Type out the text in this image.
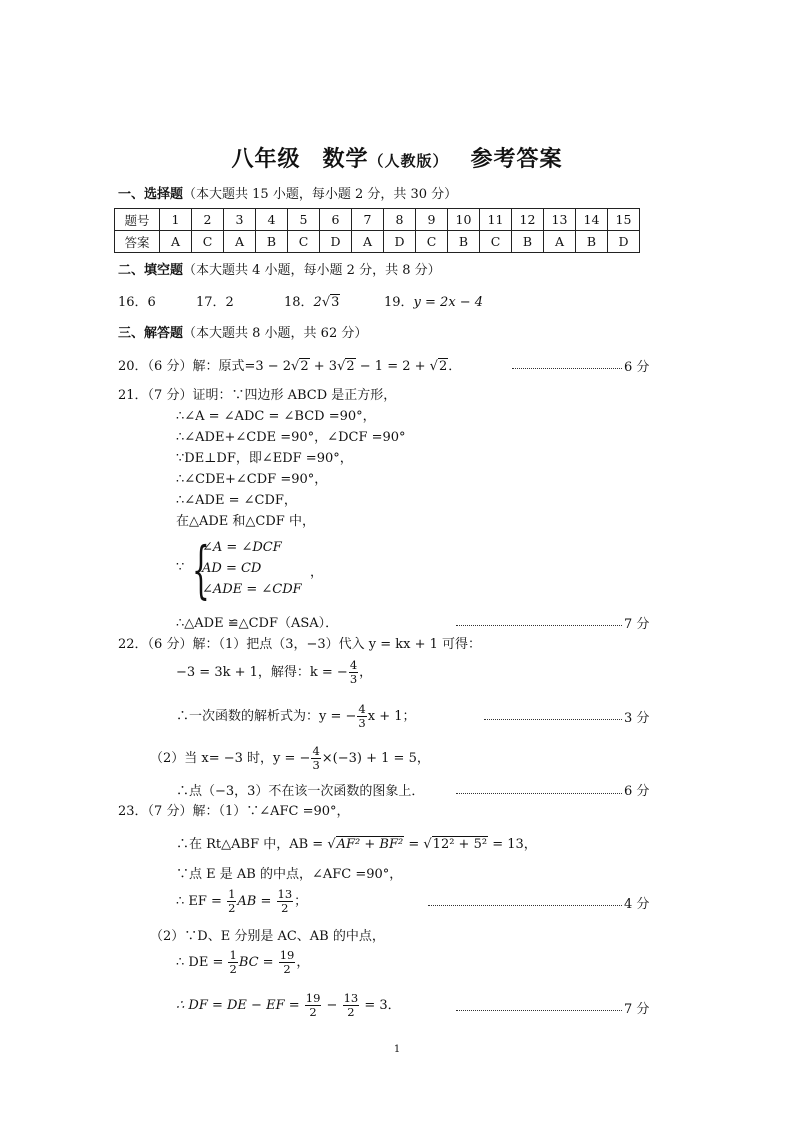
八年级 数学（人教版） 参考答案
一、选择题（本大题共 15 小题，每小题 2 分，共 30 分）
题号	1	2	3	4	5	6	7	8	9	10	11	12	13	14	15
答案	A	C	A	B	C	D	A	D	C	B	C	B	A	B	D
二、填空题（本大题共 4 小题，每小题 2 分，共 8 分）
16．6	17．2	18．2√3	19．y = 2x − 4
三、解答题（本大题共 8 小题，共 62 分）
20．（6 分）解：原式=3 − 2√2 + 3√2 − 1 = 2 + √2．	6 分
21．（7 分）证明：∵四边形 ABCD 是正方形，
∴∠A = ∠ADC = ∠BCD =90°，
∴∠ADE+∠CDE =90°，∠DCF =90°
∵DE⊥DF，即∠EDF =90°，
∴∠CDE+∠CDF =90°，
∴∠ADE = ∠CDF，
在△ADE 和△CDF 中，
∵ {
∠A = ∠DCF
AD = CD
∠ADE = ∠CDF
，
∴△ADE ≌△CDF（ASA）．	7 分
22．（6 分）解：（1）把点（3，−3）代入 y = kx + 1 可得：
−3 = 3k + 1，解得：k = − $\frac{4}{3}$ ，
∴一次函数的解析式为：y = − $\frac{4}{3}$ x + 1；	3 分
（2）当 x= −3 时，y = − $\frac{4}{3} \times(-3) + 1 = 5$，
∴点（−3，3）不在该一次函数的图象上．	6 分
23．（7 分）解：（1）∵∠AFC =90°，
∴在 Rt△ABF 中，AB = √AF² + BF² = √12² + 5² = 13，
∵点 E 是 AB 的中点，∠AFC =90°，
∴ EF = $\frac{1}{2}$ AB = $\frac{13}{2}$ ；	4 分
（2）∵D、E 分别是 AC、AB 的中点，
∴ DE = $\frac{1}{2}$ BC = $\frac{19}{2}$ ，
∴ DF = DE − EF = $\frac{19}{2} - \frac{13}{2} = 3$．	7 分
1
